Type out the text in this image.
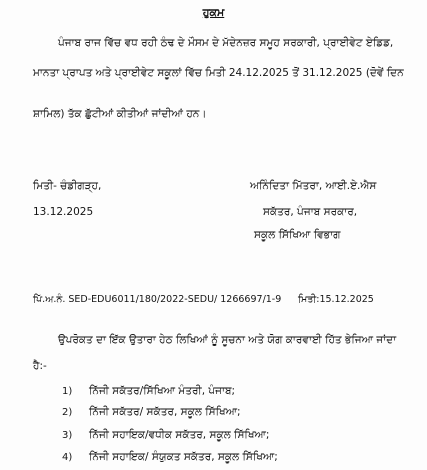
ਹੁਕਮ
ਪੰਜਾਬ ਰਾਜ ਵਿੱਚ ਵਧ ਰਹੀ ਠੰਢ ਦੇ ਮੌਸਮ ਦੇ ਮੱਦੇਨਜ਼ਰ ਸਮੂਹ ਸਰਕਾਰੀ, ਪ੍ਰਾਈਵੇਟ ਏਡਿਡ,
ਮਾਨਤਾ ਪ੍ਰਾਪਤ ਅਤੇ ਪ੍ਰਾਈਵੇਟ ਸਕੂਲਾਂ ਵਿੱਚ ਮਿਤੀ 24.12.2025 ਤੋਂ 31.12.2025 (ਦੋਵੇਂ ਦਿਨ
ਸ਼ਾਮਿਲ) ਤੱਕ ਛੁੱਟੀਆਂ ਕੀਤੀਆਂ ਜਾਂਦੀਆਂ ਹਨ।
ਮਿਤੀ- ਚੰਡੀਗੜ੍ਹ,
13.12.2025
ਅਨਿੰਦਿਤਾ ਮਿੱਤਰਾ, ਆਈ.ਏ.ਐਸ
ਸਕੱਤਰ, ਪੰਜਾਬ ਸਰਕਾਰ,
ਸਕੂਲ ਸਿੱਖਿਆ ਵਿਭਾਗ
ਪਿੱ.ਅ.ਨੰ. SED-EDU6011/180/2022-SEDU/ 1266697/1-9 ਮਿਤੀ:15.12.2025
ਉਪਰੋਕਤ ਦਾ ਇੱਕ ਉਤਾਰਾ ਹੇਠ ਲਿਖਿਆਂ ਨੂੰ ਸੂਚਨਾ ਅਤੇ ਯੋਗ ਕਾਰਵਾਈ ਹਿੱਤ ਭੇਜਿਆ ਜਾਂਦਾ
ਹੈ:-
1) ਨਿੱਜੀ ਸਕੱਤਰ/ਸਿੱਖਿਆ ਮੰਤਰੀ, ਪੰਜਾਬ;
2) ਨਿੱਜੀ ਸਕੱਤਰ/ ਸਕੱਤਰ, ਸਕੂਲ ਸਿੱਖਿਆ;
3) ਨਿੱਜੀ ਸਹਾਇਕ/ਵਧੀਕ ਸਕੱਤਰ, ਸਕੂਲ ਸਿੱਖਿਆ;
4) ਨਿੱਜੀ ਸਹਾਇਕ/ ਸੰਯੁਕਤ ਸਕੱਤਰ, ਸਕੂਲ ਸਿੱਖਿਆ;
